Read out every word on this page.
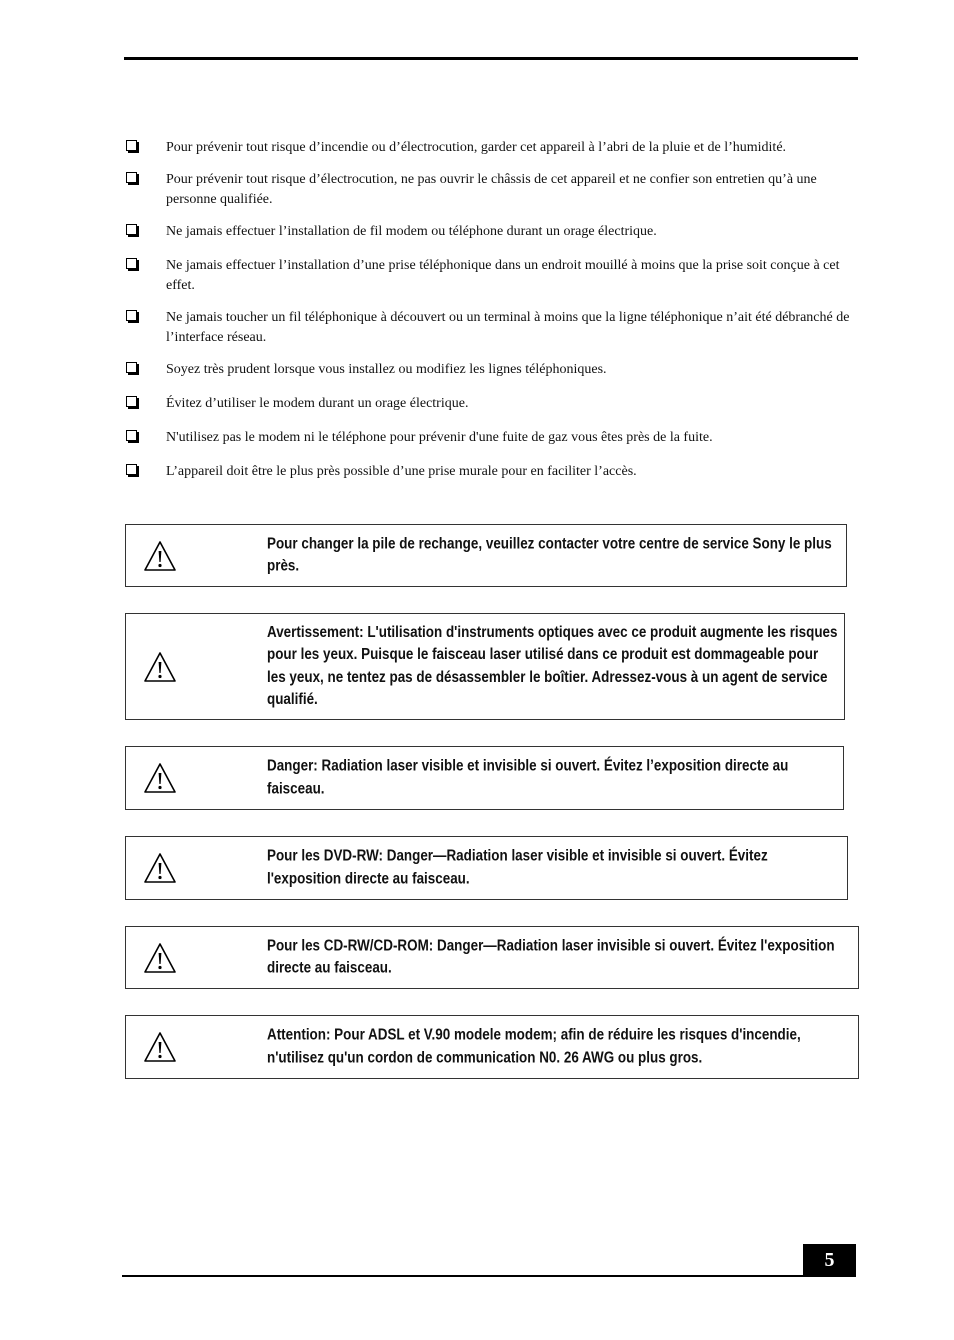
Pour prévenir tout risque d’incendie ou d’électrocution, garder cet appareil à l’abri de la pluie et de l’humidité.
Pour prévenir tout risque d’électrocution, ne pas ouvrir le châssis de cet appareil et ne confier son entretien qu’à une personne qualifiée.
Ne jamais effectuer l’installation de fil modem ou téléphone durant un orage électrique.
Ne jamais effectuer l’installation d’une prise téléphonique dans un endroit mouillé à moins que la prise soit conçue à cet effet.
Ne jamais toucher un fil téléphonique à découvert ou un terminal à moins que la ligne téléphonique n’ait été débranché de l’interface réseau.
Soyez très prudent lorsque vous installez ou modifiez les lignes téléphoniques.
Évitez d’utiliser le modem durant un orage électrique.
N'utilisez pas le modem ni le téléphone pour prévenir d'une fuite de gaz vous êtes près de la fuite.
L’appareil doit être le plus près possible d’une prise murale pour en faciliter l’accès.
Pour changer la pile de rechange, veuillez contacter votre centre de service Sony le plus près.
Avertissement: L'utilisation d'instruments optiques avec ce produit augmente les risques pour les yeux. Puisque le faisceau laser utilisé dans ce produit est dommageable pour les yeux, ne tentez pas de désassembler le boîtier. Adressez-vous à un agent de service qualifié.
Danger: Radiation laser visible et invisible si ouvert. Évitez l’exposition directe au faisceau.
Pour les DVD-RW: Danger—Radiation laser visible et invisible si ouvert. Évitez l'exposition directe au faisceau.
Pour les CD-RW/CD-ROM: Danger—Radiation laser invisible si ouvert. Évitez l'exposition directe au faisceau.
Attention: Pour ADSL et V.90 modele modem; afin de réduire les risques d'incendie, n'utilisez qu'un cordon de communication N0. 26 AWG ou plus gros.
5
